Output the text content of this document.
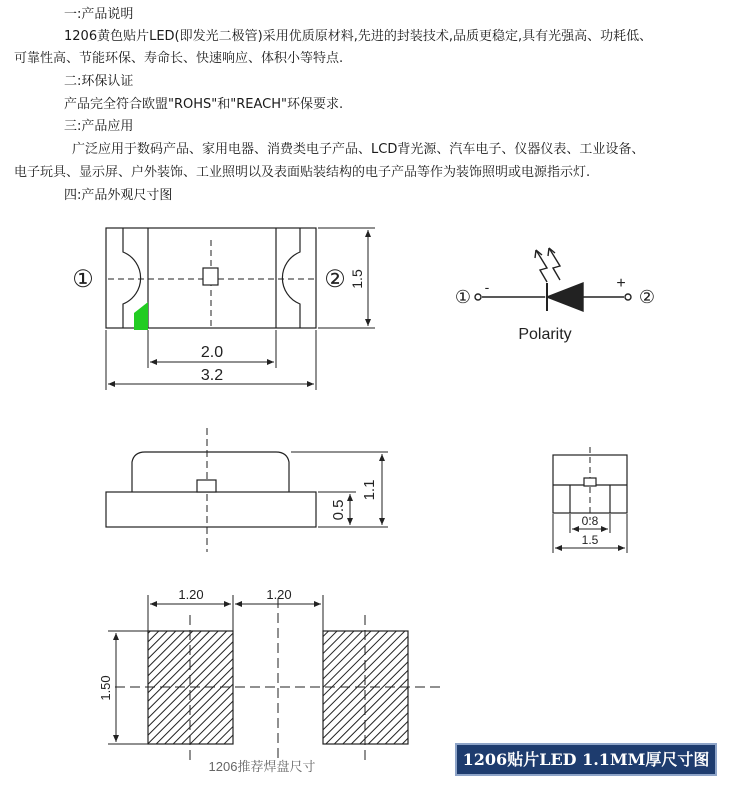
一:产品说明
1206黄色贴片LED(即发光二极管)采用优质原材料,先进的封装技术,品质更稳定,具有光强高、功耗低、
可靠性高、节能环保、寿命长、快速响应、体积小等特点.
二:环保认证
产品完全符合欧盟"ROHS"和"REACH"环保要求.
三:产品应用
广泛应用于数码产品、家用电器、消费类电子产品、LCD背光源、汽车电子、仪器仪表、工业设备、
电子玩具、显示屏、户外装饰、工业照明以及表面贴装结构的电子产品等作为装饰照明或电源指示灯.
四:产品外观尺寸图
①	② 1.5
2.0
3.2
①	②
-	+
Polarity
1.1
0.5
0.8
1.5
1.20	1.20
1.50
1206推荐焊盘尺寸	1206贴片LED 1.1MM厚尺寸图
